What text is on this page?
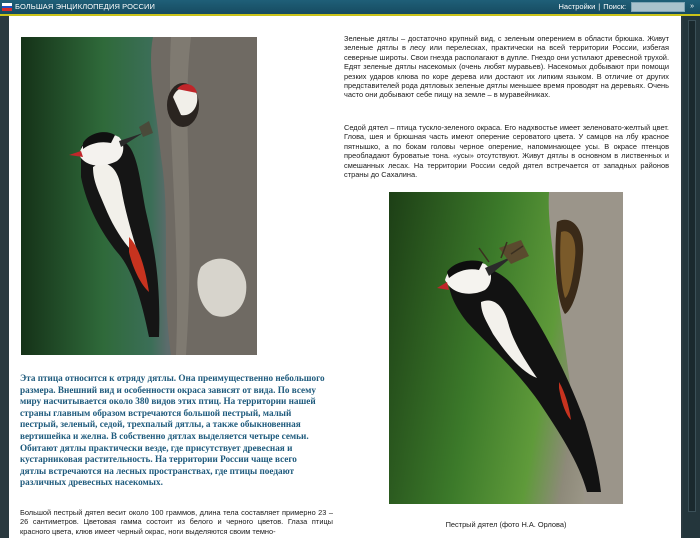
БОЛЬШАЯ ЭНЦИКЛОПЕДИЯ РОССИИ	Настройки | Поиск:	»

Зеленые дятлы – достаточно крупный вид, с зеленым оперением в области брюшка. Живут зеленые дятлы в лесу или перелесках, практически на всей территории России, избегая северные широты. Свои гнезда располагают в дупле. Гнездо они устилают древесной трухой. Едят зеленые дятлы насекомых (очень любят муравьев). Насекомых добывают при помощи резких ударов клюва по коре дерева или достают их липким языком. В отличие от других представителей рода дятловых зеленые дятлы меньшее время проводят на деревьях. Очень часто они добывают себе пищу на земле – в муравейниках.

Седой дятел – птица тускло-зеленого окраса. Его надхвостье имеет зеленовато-желтый цвет. Глова, шея и брюшная часть имеют оперение сероватого цвета. У самцов на лбу красное пятнышко, а по бокам головы черное оперение, напоминающее усы. В окрасе птенцов преобладают буроватые тона. «усы» отсутствуют. Живут дятлы в основном в лиственных и смешанных лесах. На территории России седой дятел встречается от западных районов страны до Сахалина.

Эта птица относится к отряду дятлы. Она преимущественно небольшого размера. Внешний вид и особенности окраса зависят от вида. По всему миру насчитывается около 380 видов этих птиц. На территории нашей страны главным образом встречаются большой пестрый, малый пестрый, зеленый, седой, трехпалый дятлы, а также обыкновенная вертишейка и желна. В собственно дятлах выделяется четыре семьи. Обитают дятлы практически везде, где присутствует древесная и кустарниковая растительность. На территории России чаще всего дятлы встречаются на лесных пространствах, где птицы поедают различных древесных насекомых.

Большой пестрый дятел весит около 100 граммов, длина тела составляет примерно 23 – 26 сантиметров. Цветовая гамма состоит из белого и черного цветов. Глаза птицы красного цвета, клюв имеет черный окрас, ноги выделяются своим темно-

Пестрый дятел (фото Н.А. Орлова)
